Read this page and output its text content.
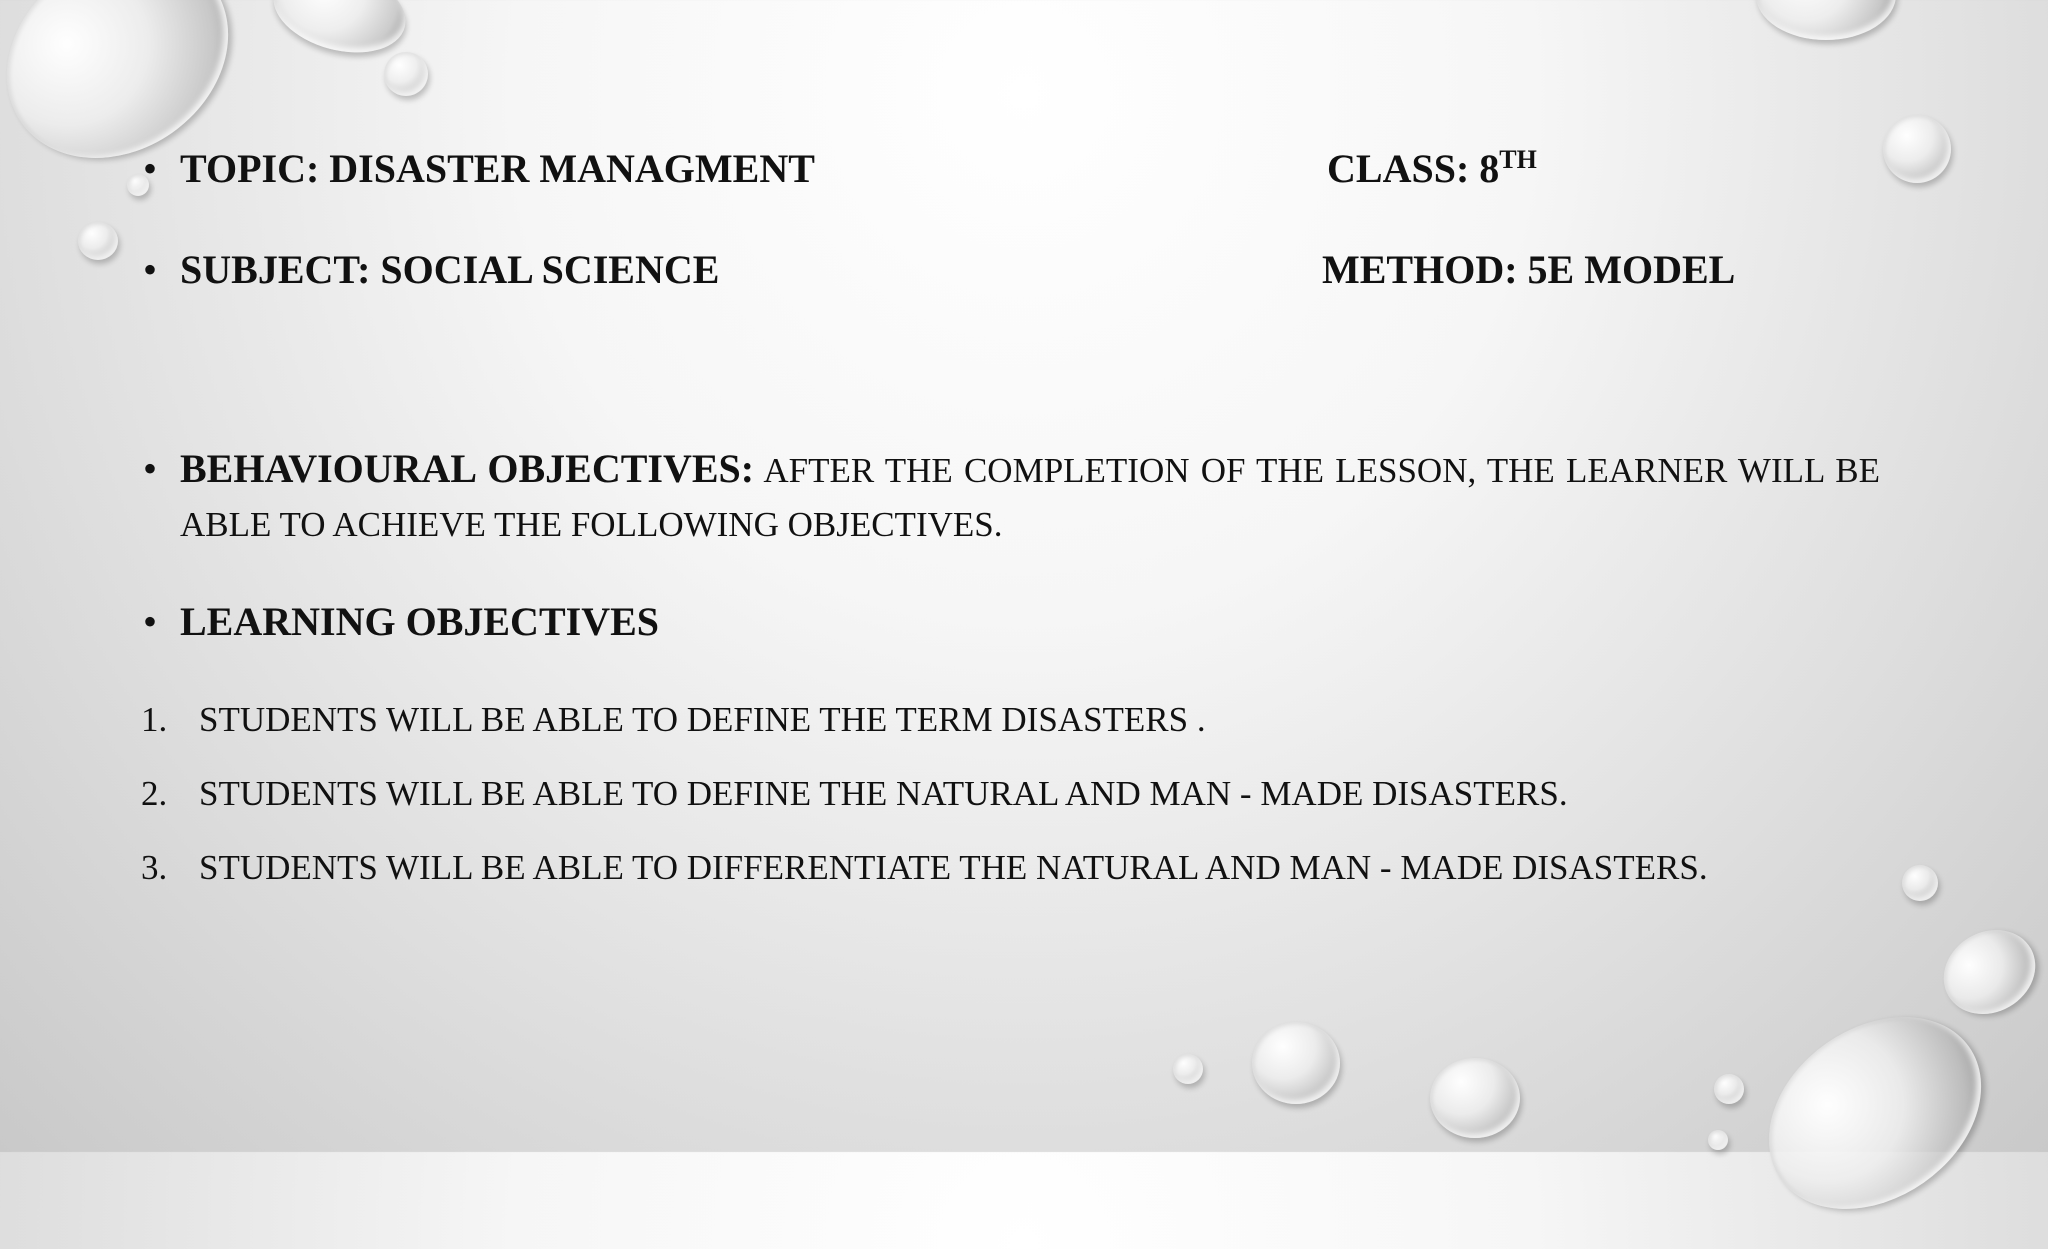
• TOPIC: DISASTER MANAGMENT	CLASS: 8TH
• SUBJECT: SOCIAL SCIENCE	METHOD: 5E MODEL
• BEHAVIOURAL OBJECTIVES: AFTER THE COMPLETION OF THE LESSON, THE LEARNER WILL BE ABLE TO ACHIEVE THE FOLLOWING OBJECTIVES.
• LEARNING OBJECTIVES
1. STUDENTS WILL BE ABLE TO DEFINE THE TERM DISASTERS .
2. STUDENTS WILL BE ABLE TO DEFINE THE NATURAL AND MAN - MADE DISASTERS.
3. STUDENTS WILL BE ABLE TO DIFFERENTIATE THE NATURAL AND MAN - MADE DISASTERS.
